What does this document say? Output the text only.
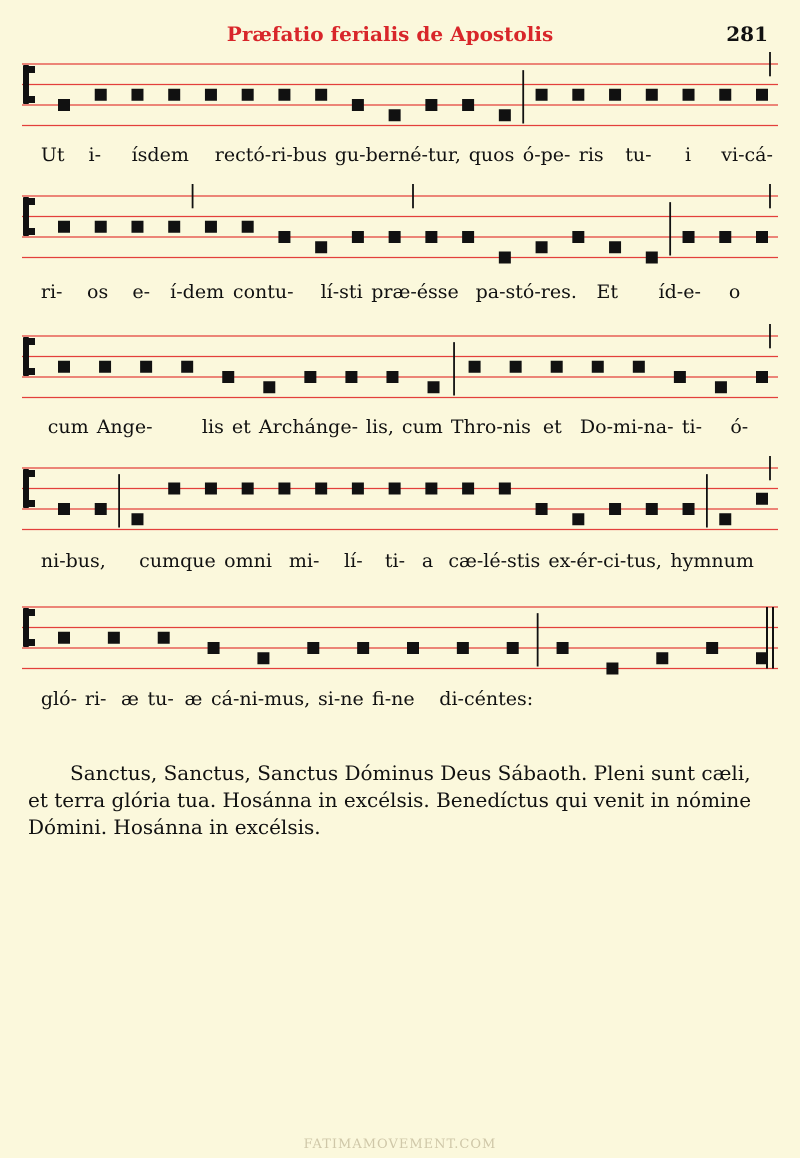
Præfatio ferialis de Apostolis	281
Ut i- ísdem rectó-ri-bus gu-berné-tur, quos ó-pe- ris tu- i vi-cá-
ri- os e- í-dem contu- lí-sti præ-ésse pa-stó-res. Et íd-e- o
cum Ange-	lis et Archánge- lis, cum Thro-nis et Do-mi-na- ti- ó-
ni-bus, cumque omni mi- lí- ti- a cæ-lé-stis ex-ér-ci-tus, hymnum
gló- ri- æ tu- æ cá-ni-mus, si-ne fi-ne di-céntes:
Sanctus, Sanctus, Sanctus Dóminus Deus Sábaoth. Pleni sunt cæli,
et terra glória tua. Hosánna in excélsis. Benedíctus qui venit in nómine
Dómini. Hosánna in excélsis.
FATIMAMOVEMENT.COM
